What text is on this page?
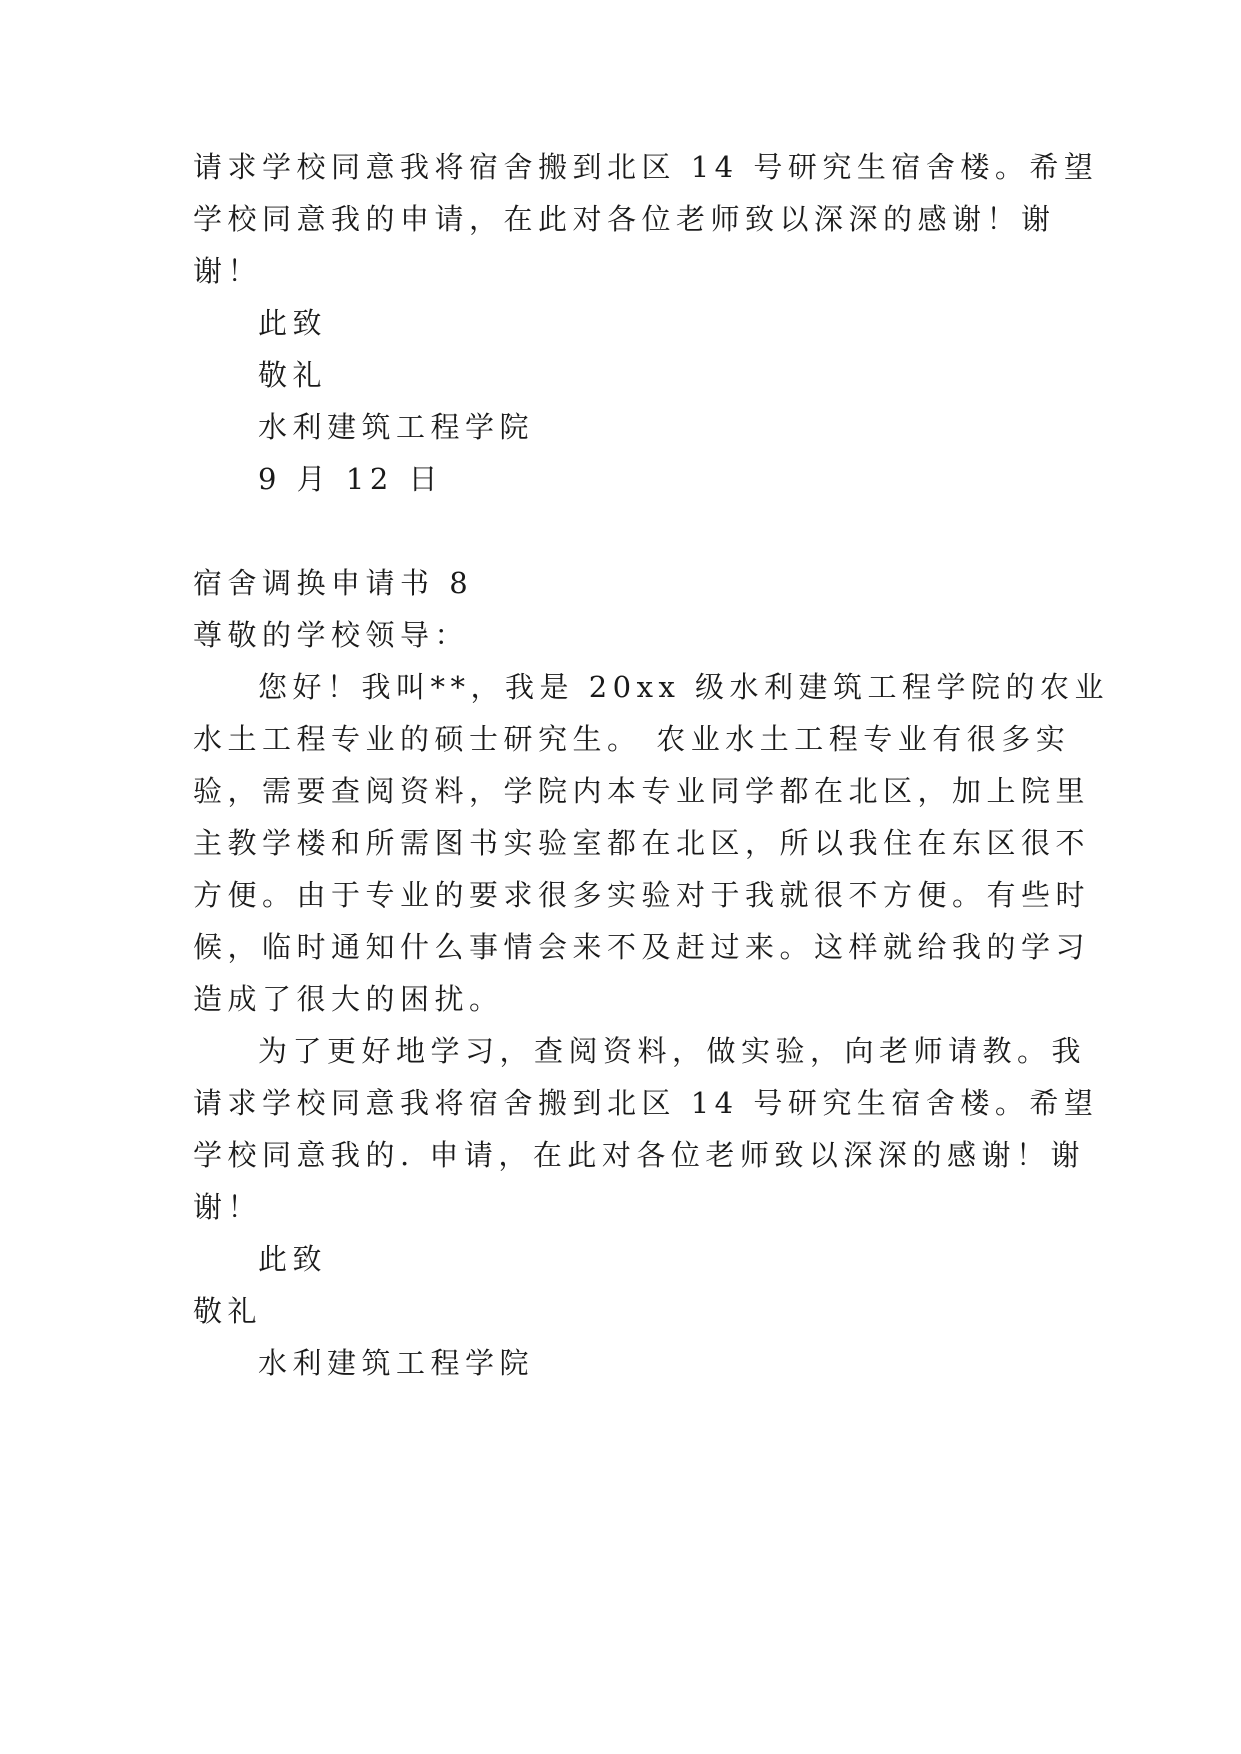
请求学校同意我将宿舍搬到北区 14 号研究生宿舍楼。希望
学校同意我的申请，在此对各位老师致以深深的感谢！谢
谢！
此致
敬礼
水利建筑工程学院
9 月 12 日
宿舍调换申请书 8
尊敬的学校领导：
您好！我叫**，我是 20xx 级水利建筑工程学院的农业
水土工程专业的硕士研究生。 农业水土工程专业有很多实
验，需要查阅资料，学院内本专业同学都在北区，加上院里
主教学楼和所需图书实验室都在北区，所以我住在东区很不
方便。由于专业的要求很多实验对于我就很不方便。有些时
候，临时通知什么事情会来不及赶过来。这样就给我的学习
造成了很大的困扰。
为了更好地学习，查阅资料，做实验，向老师请教。我
请求学校同意我将宿舍搬到北区 14 号研究生宿舍楼。希望
学校同意我的. 申请，在此对各位老师致以深深的感谢！谢
谢！
此致
敬礼
水利建筑工程学院
